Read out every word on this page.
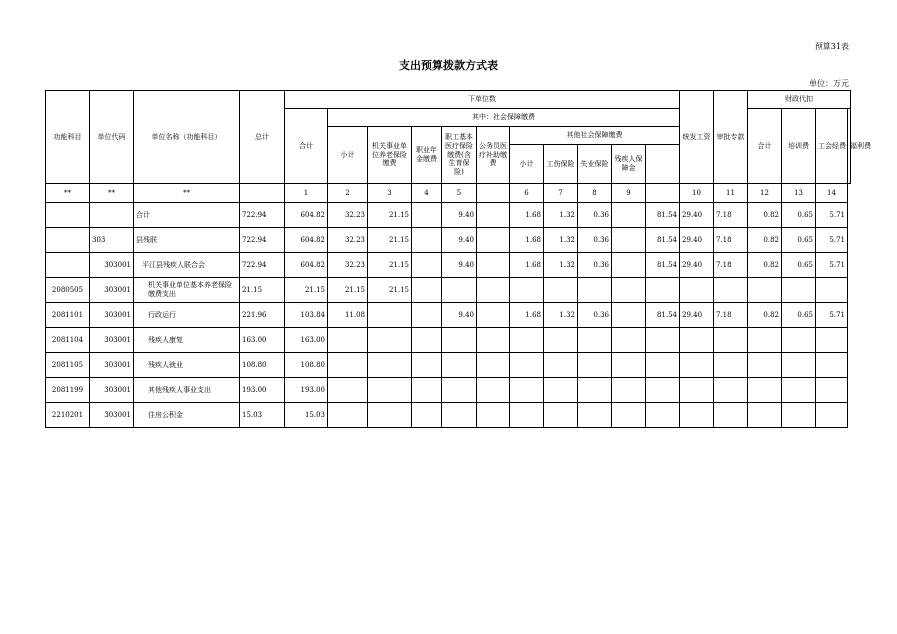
预算31表
支出预算拨款方式表
单位：万元
功能科目	单位代码	单位名称（功能科目）	总计	下单位数											统发工资	审批专款	财政代扣			
				合计	其中：社会保障缴费												合计	培训费	工会经费	福利费
					小计	机关事业单位养老保险缴费	职业年金缴费	职工基本医疗保险缴费(含生育保险)	公务员医疗补助缴费	其他社会保障缴费										
										小计	工伤保险	失业保险	残疾人保障金							
**	**	**		1	2	3	4	5		6	7	8	9		10	11	12	13	14	
		合计	722.94	604.82	32.23	21.15		9.40		1.68	1.32	0.36		81.54	29.40	7.18	0.82	0.65	5.71	
	303	县残联	722.94	604.82	32.23	21.15		9.40		1.68	1.32	0.36		81.54	29.40	7.18	0.82	0.65	5.71	
	303001	平江县残疾人联合会	722.94	604.82	32.23	21.15		9.40		1.68	1.32	0.36		81.54	29.40	7.18	0.82	0.65	5.71	
2080505	303001	机关事业单位基本养老保险缴费支出	21.15	21.15	21.15	21.15														
2081101	303001	行政运行	221.96	103.84	11.08			9.40		1.68	1.32	0.36		81.54	29.40	7.18	0.82	0.65	5.71	
2081104	303001	残疾人康复	163.00	163.00																
2081105	303001	残疾人就业	108.80	108.80																
2081199	303001	其他残疾人事业支出	193.00	193.00																
2210201	303001	住房公积金	15.03	15.03																
